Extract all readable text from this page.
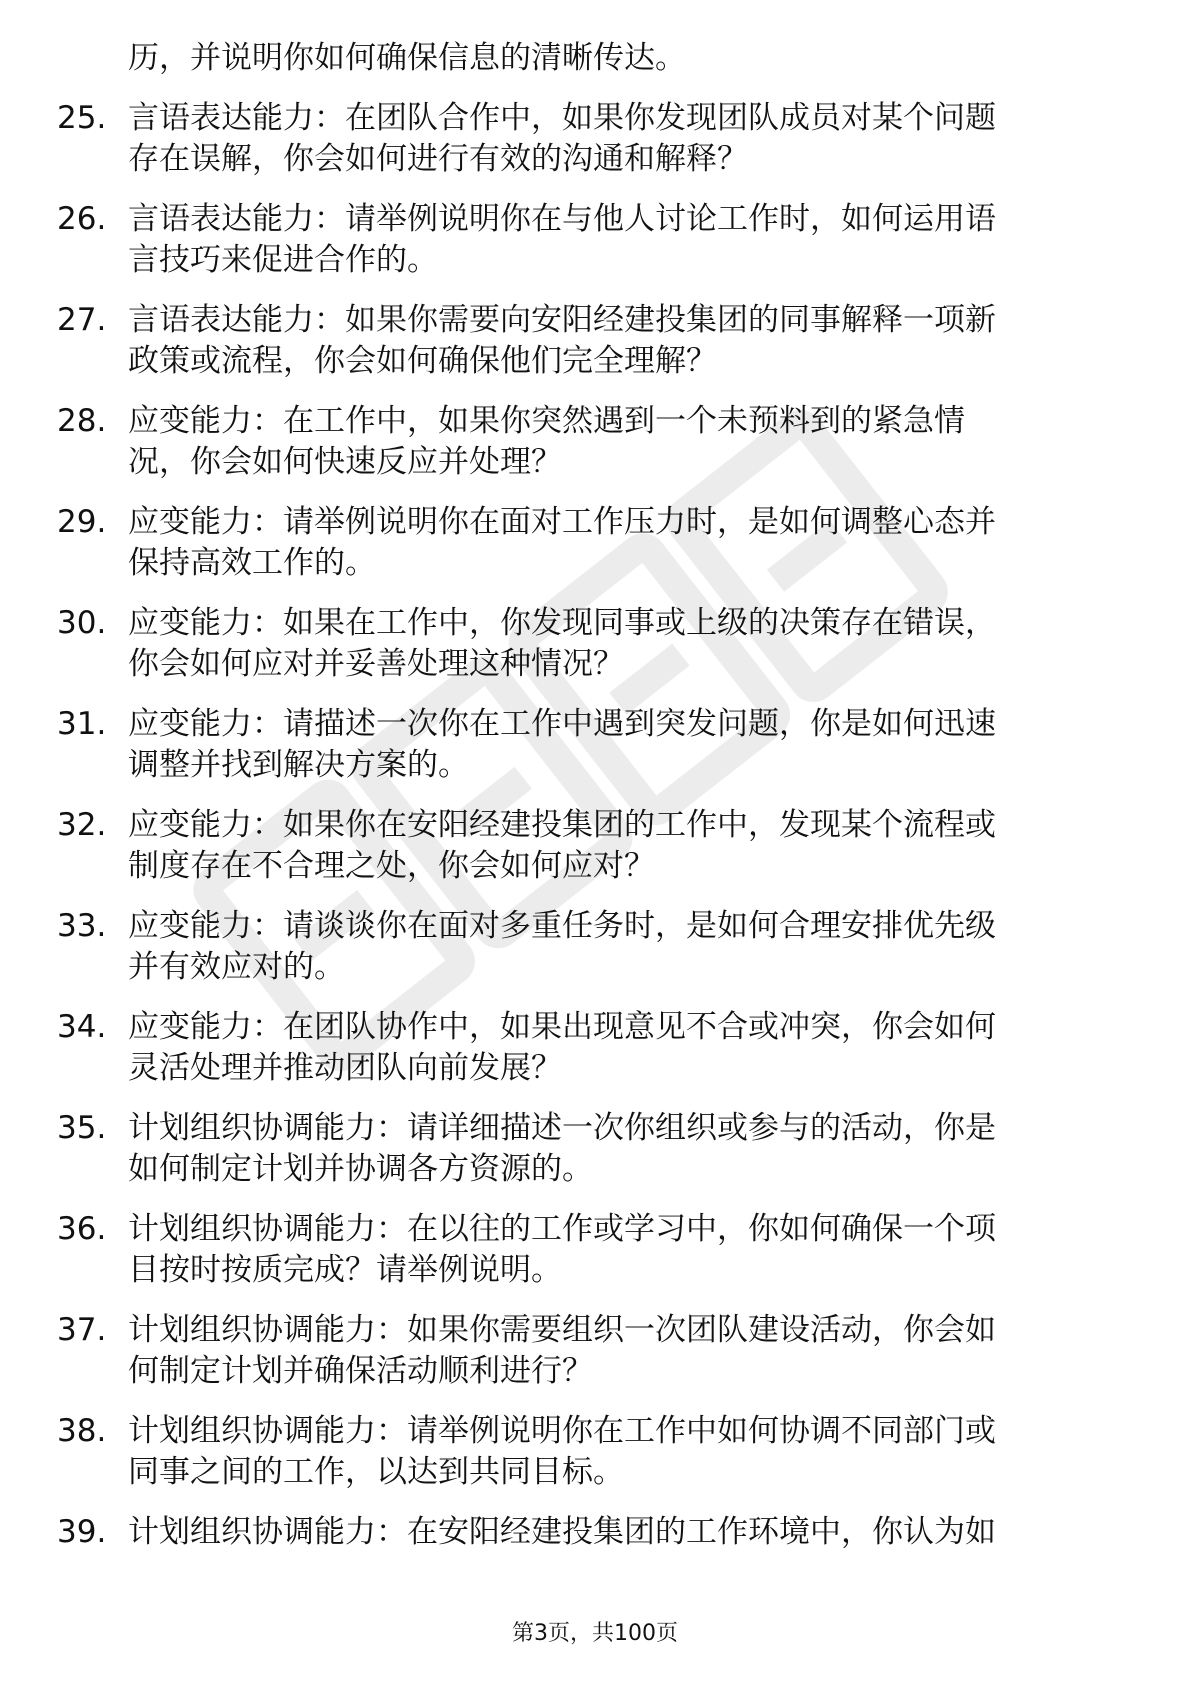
历，并说明你如何确保信息的清晰传达。
25. 言语表达能力：在团队合作中，如果你发现团队成员对某个问题
存在误解，你会如何进行有效的沟通和解释？
26. 言语表达能力：请举例说明你在与他人讨论工作时，如何运用语
言技巧来促进合作的。
27. 言语表达能力：如果你需要向安阳经建投集团的同事解释一项新
政策或流程，你会如何确保他们完全理解？
28. 应变能力：在工作中，如果你突然遇到一个未预料到的紧急情
况，你会如何快速反应并处理？
29. 应变能力：请举例说明你在面对工作压力时，是如何调整心态并
保持高效工作的。
30. 应变能力：如果在工作中，你发现同事或上级的决策存在错误，
你会如何应对并妥善处理这种情况？
31. 应变能力：请描述一次你在工作中遇到突发问题，你是如何迅速
调整并找到解决方案的。
32. 应变能力：如果你在安阳经建投集团的工作中，发现某个流程或
制度存在不合理之处，你会如何应对？
33. 应变能力：请谈谈你在面对多重任务时，是如何合理安排优先级
并有效应对的。
34. 应变能力：在团队协作中，如果出现意见不合或冲突，你会如何
灵活处理并推动团队向前发展？
35. 计划组织协调能力：请详细描述一次你组织或参与的活动，你是
如何制定计划并协调各方资源的。
36. 计划组织协调能力：在以往的工作或学习中，你如何确保一个项
目按时按质完成？请举例说明。
37. 计划组织协调能力：如果你需要组织一次团队建设活动，你会如
何制定计划并确保活动顺利进行？
38. 计划组织协调能力：请举例说明你在工作中如何协调不同部门或
同事之间的工作，以达到共同目标。
39. 计划组织协调能力：在安阳经建投集团的工作环境中，你认为如
第3页，共100页
